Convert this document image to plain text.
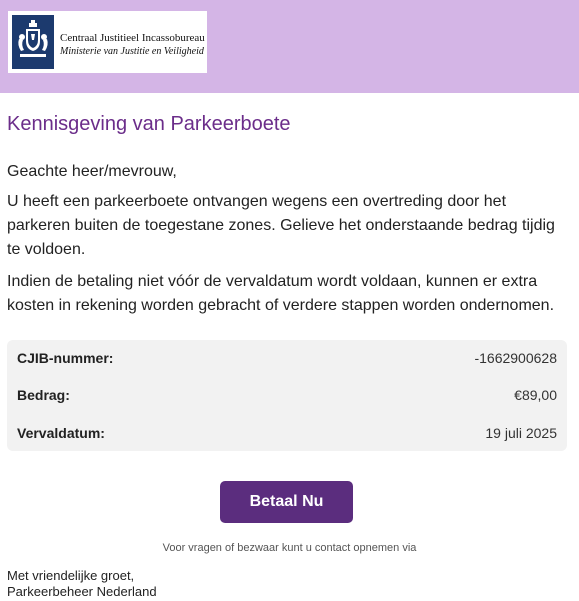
Centraal Justitieel Incassobureau
Ministerie van Justitie en Veiligheid
Kennisgeving van Parkeerboete

Geachte heer/mevrouw,

U heeft een parkeerboete ontvangen wegens een overtreding door het parkeren buiten de toegestane zones. Gelieve het onderstaande bedrag tijdig te voldoen.

Indien de betaling niet vóór de vervaldatum wordt voldaan, kunnen er extra kosten in rekening worden gebracht of verdere stappen worden ondernomen.

CJIB-nummer:	-1662900628
Bedrag:	€89,00
Vervaldatum:	19 juli 2025
Betaal Nu
Voor vragen of bezwaar kunt u contact opnemen via
Met vriendelijke groet,
Parkeerbeheer Nederland
